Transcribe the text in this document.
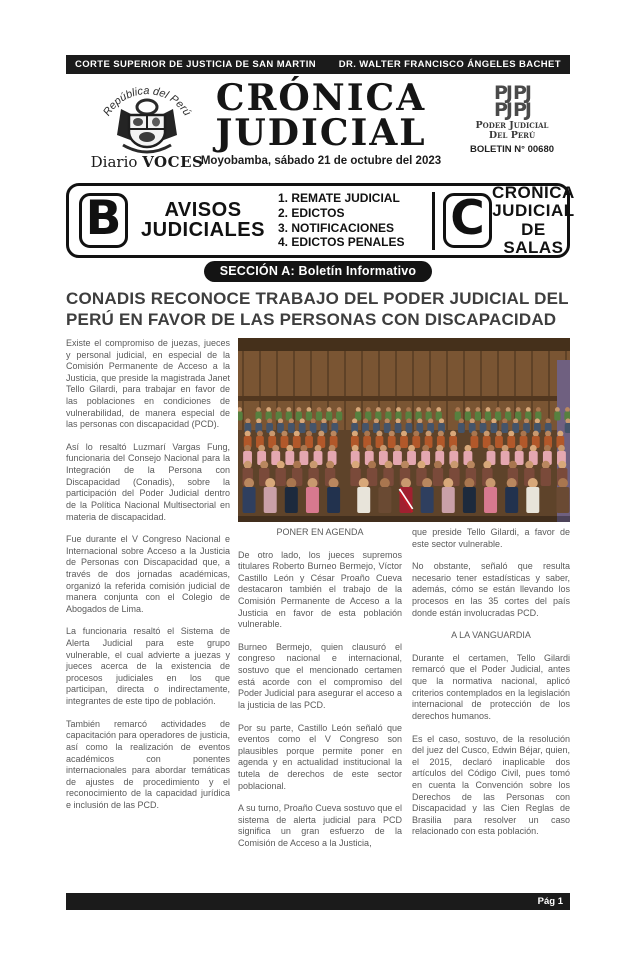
CORTE SUPERIOR DE JUSTICIA DE SAN MARTIN DR. WALTER FRANCISCO ÁNGELES BACHET
República del Perú
Diario VOCES
CRÓNICA
JUDICIAL
Moyobamba, sábado 21 de octubre del 2023
PJ PJ
PJ PJ
Poder Judicial
Del Perú
BOLETIN N° 00680
B	AVISOS
JUDICIALES
1. REMATE JUDICIAL
2. EDICTOS
3. NOTIFICACIONES
4. EDICTOS PENALES C CRÓNICA
JUDICIAL
DE SALAS
SECCIÓN A: Boletín Informativo
CONADIS RECONOCE TRABAJO DEL PODER JUDICIAL DEL PERÚ EN FAVOR DE LAS PERSONAS CON DISCAPACIDAD

Existe el compromiso de juezas, jueces y personal judicial, en especial de la Comisión Permanente de Acceso a la Justicia, que preside la magistrada Janet Tello Gilardi, para trabajar en favor de las poblaciones en condiciones de vulnerabilidad, de manera especial de las personas con discapacidad (PCD).

Así lo resaltó Luzmarí Vargas Fung, funcionaria del Consejo Nacional para la Integración de la Persona con Discapacidad (Conadis), sobre la participación del Poder Judicial dentro de la Política Nacional Multisectorial en materia de discapacidad.

Fue durante el V Congreso Nacional e Internacional sobre Acceso a la Justicia de Personas con Discapacidad que, a través de dos jornadas académicas, organizó la referida comisión judicial de manera conjunta con el Colegio de Abogados de Lima.

La funcionaria resaltó el Sistema de Alerta Judicial para este grupo vulnerable, el cual advierte a juezas y jueces acerca de la existencia de procesos judiciales en los que participan, directa o indirectamente, integrantes de este tipo de población.

También remarcó actividades de capacitación para operadores de justicia, así como la realización de eventos académicos con ponentes internacionales para abordar temáticas de ajustes de procedimiento y el reconocimiento de la capacidad jurídica e inclusión de las PCD.

PONER EN AGENDA

De otro lado, los jueces supremos titulares Roberto Burneo Bermejo, Víctor Castillo León y César Proaño Cueva destacaron también el trabajo de la Comisión Permanente de Acceso a la Justicia en favor de esta población vulnerable.

Burneo Bermejo, quien clausuró el congreso nacional e internacional, sostuvo que el mencionado certamen está acorde con el compromiso del Poder Judicial para asegurar el acceso a la justicia de las PCD.

Por su parte, Castillo León señaló que eventos como el V Congreso son plausibles porque permite poner en agenda y en actualidad institucional la tutela de derechos de este sector poblacional.

A su turno, Proaño Cueva sostuvo que el sistema de alerta judicial para PCD significa un gran esfuerzo de la Comisión de Acceso a la Justicia,

que preside Tello Gilardi, a favor de este sector vulnerable.

No obstante, señaló que resulta necesario tener estadísticas y saber, además, cómo se están llevando los procesos en las 35 cortes del país donde están involucradas PCD.

A LA VANGUARDIA

Durante el certamen, Tello Gilardi remarcó que el Poder Judicial, antes que la normativa nacional, aplicó criterios contemplados en la legislación internacional de protección de los derechos humanos.

Es el caso, sostuvo, de la resolución del juez del Cusco, Edwin Béjar, quien, el 2015, declaró inaplicable dos artículos del Código Civil, pues tomó en cuenta la Convención sobre los Derechos de las Personas con Discapacidad y las Cien Reglas de Brasilia para resolver un caso relacionado con esta población.

Pág 1
